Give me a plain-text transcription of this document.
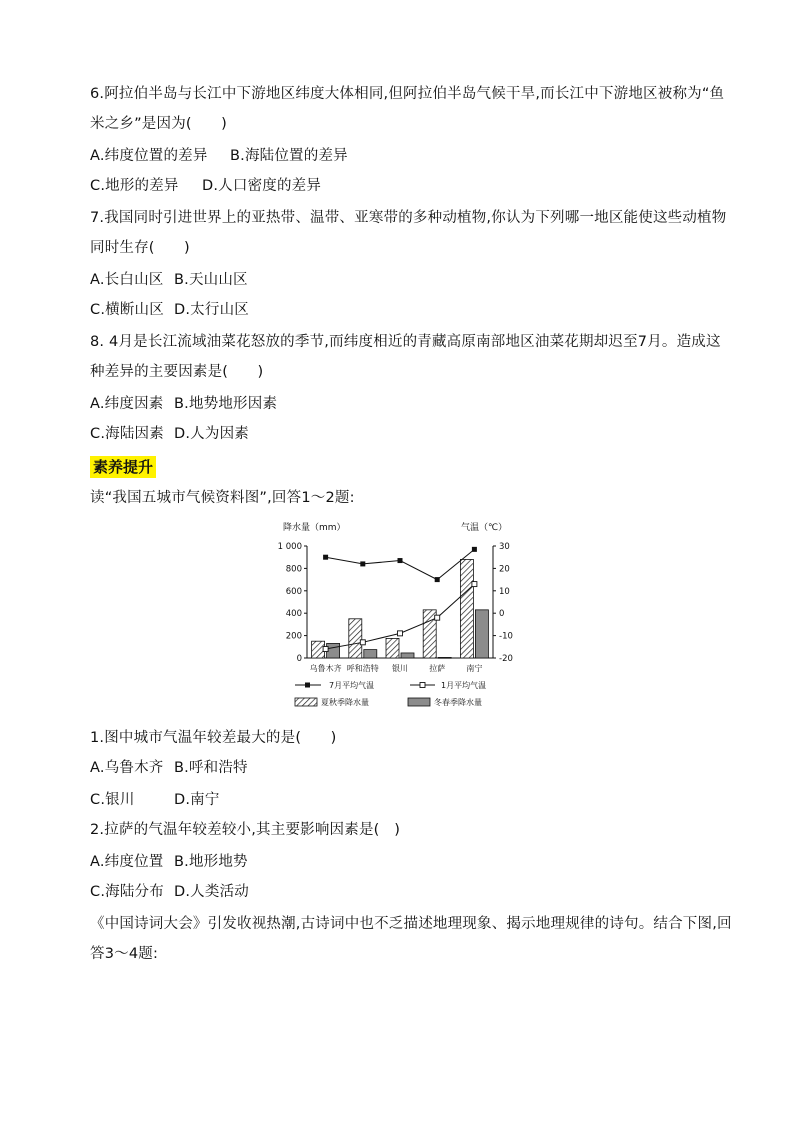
6.阿拉伯半岛与长江中下游地区纬度大体相同,但阿拉伯半岛气候干旱,而长江中下游地区被称为“鱼
米之乡”是因为(　　)
A.纬度位置的差异 B.海陆位置的差异
C.地形的差异 D.人口密度的差异
7.我国同时引进世界上的亚热带、温带、亚寒带的多种动植物,你认为下列哪一地区能使这些动植物
同时生存(　　)
A.长白山区 B.天山山区
C.横断山区 D.太行山区
8. 4月是长江流域油菜花怒放的季节,而纬度相近的青藏高原南部地区油菜花期却迟至7月。造成这
种差异的主要因素是(　　)
A.纬度因素 B.地势地形因素
C.海陆因素 D.人为因素
素养提升
读“我国五城市气候资料图”,回答1～2题:
降水量（mm）	气温（℃）
0
200
400
600
800
1 000
-20
-10
0
10
20
30
乌鲁木齐 呼和浩特 银川	拉萨	南宁
7月平均气温	1月平均气温
夏秋季降水量	冬春季降水量
1.图中城市气温年较差最大的是(　　)
A.乌鲁木齐 B.呼和浩特
C.银川	D.南宁
2.拉萨的气温年较差较小,其主要影响因素是(　)
A.纬度位置 B.地形地势
C.海陆分布 D.人类活动
《中国诗词大会》引发收视热潮,古诗词中也不乏描述地理现象、揭示地理规律的诗句。结合下图,回
答3～4题:
